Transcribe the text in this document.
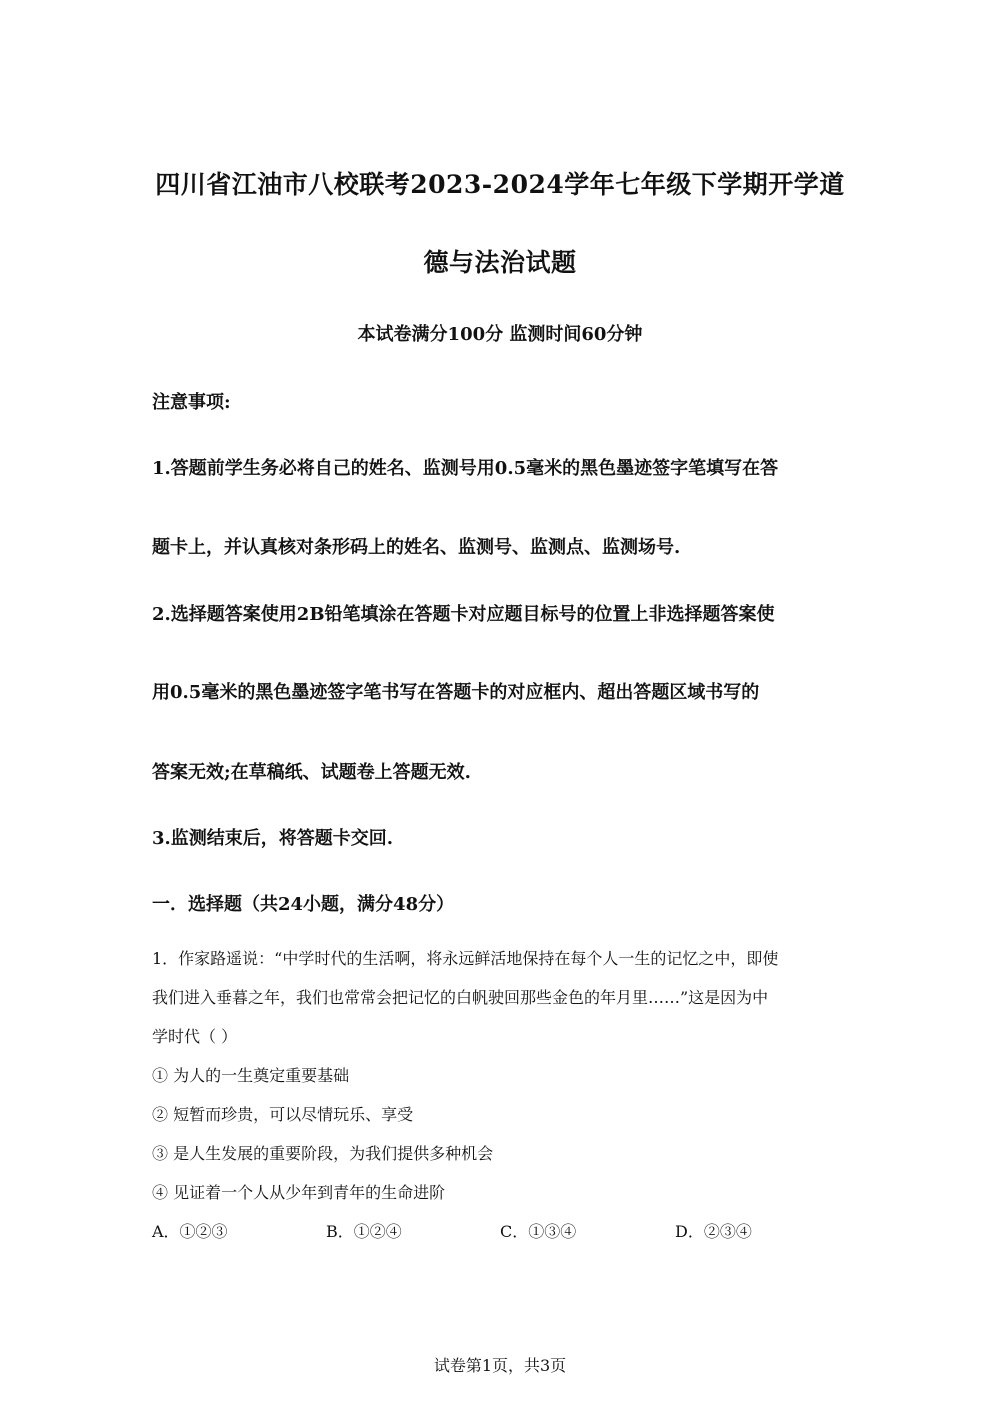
四川省江油市八校联考2023-2024学年七年级下学期开学道
德与法治试题
本试卷满分100分 监测时间60分钟
注意事项:
1.答题前学生务必将自己的姓名、监测号用0.5毫米的黑色墨迹签字笔填写在答
题卡上，并认真核对条形码上的姓名、监测号、监测点、监测场号.
2.选择题答案使用2B铅笔填涂在答题卡对应题目标号的位置上非选择题答案使
用0.5毫米的黑色墨迹签字笔书写在答题卡的对应框内、超出答题区域书写的
答案无效;在草稿纸、试题卷上答题无效.
3.监测结束后，将答题卡交回.
一．选择题（共24小题，满分48分）
1．作家路遥说：“中学时代的生活啊，将永远鲜活地保持在每个人一生的记忆之中，即使
我们进入垂暮之年，我们也常常会把记忆的白帆驶回那些金色的年月里……”这是因为中
学时代（ ）
① 为人的一生奠定重要基础
② 短暂而珍贵，可以尽情玩乐、享受
③ 是人生发展的重要阶段，为我们提供多种机会
④ 见证着一个人从少年到青年的生命进阶
A．①②③	B．①②④	C．①③④	D．②③④
试卷第1页，共3页
